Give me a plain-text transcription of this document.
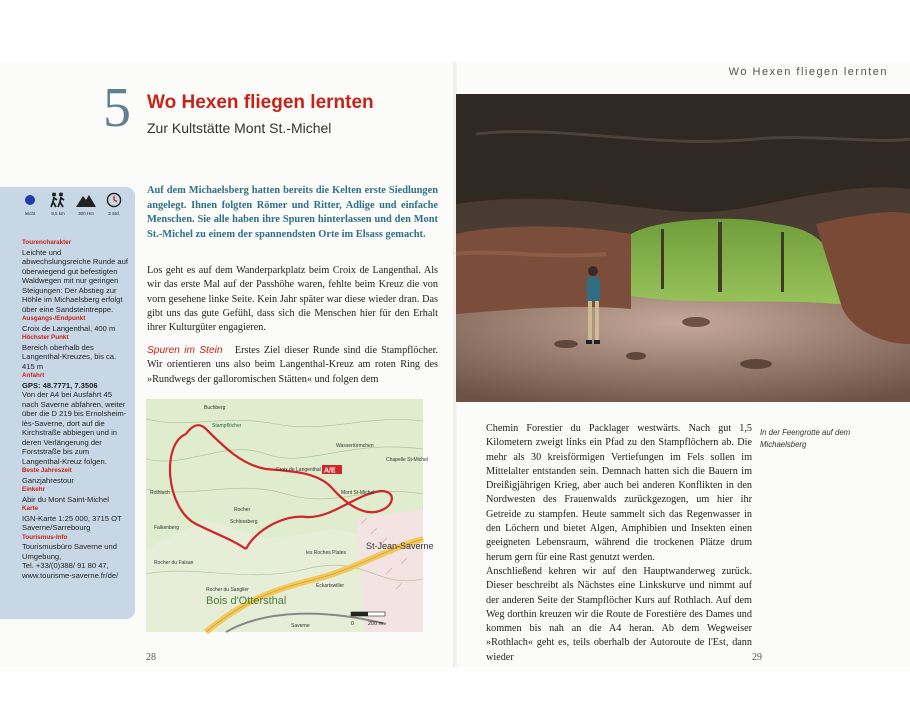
Wo Hexen fliegen lernten
5 Wo Hexen fliegen lernten
Zur Kultstätte Mont St.-Michel
leicht	9,5 km	300 Hm	3 Std.
Tourencharakter
Leichte und abwechslungsreiche Runde auf überwiegend gut befestigten Waldwegen mit nur geringen Steigungen: Der Abstieg zur Höhle im Michaelsberg erfolgt über eine Sandsteintreppe.
Ausgangs-/Endpunkt
Croix de Langenthal, 400 m
Höchster Punkt
Bereich oberhalb des Langenthal-Kreuzes, bis ca. 415 m
Anfahrt
GPS: 48.7771, 7.3506
Von der A4 bei Ausfahrt 45 nach Saverne abfahren, weiter über die D 219 bis Ernolsheim-lès-Saverne, dort auf die Kirchstraße abbiegen und in deren Verlängerung der Forststraße bis zum Langenthal-Kreuz folgen.
Beste Jahreszeit
Ganzjahrestour
Einkehr
Abir du Mont Saint-Michel
Karte
IGN-Karte 1:25 000, 3715 OT Saverne/Sarrebourg
Tourismus-Info
Tourismusbüro Saverne und Umgebung,
Tel. +33/(0)388/ 91 80 47,
www.tourisme-saverne.fr/de/

Auf dem Michaelsberg hatten bereits die Kelten erste Siedlungen angelegt. Ihnen folgten Römer und Ritter, Adlige und einfache Menschen. Sie alle haben ihre Spuren hinterlassen und den Mont St.-Michel zu einem der spannendsten Orte im Elsass gemacht.

Los geht es auf dem Wanderparkplatz beim Croix de Langenthal. Als wir das erste Mal auf der Passhöhe waren, fehlte beim Kreuz die von vorn gesehene linke Seite. Kein Jahr später war diese wieder dran. Das gibt uns das gute Gefühl, dass sich die Menschen hier für den Erhalt ihrer Kulturgüter engagieren.

Spuren im Stein Erstes Ziel dieser Runde sind die Stampflöcher. Wir orientieren uns also beim Langenthal-Kreuz am roten Ring des »Rundwegs der galloromischen Stätten« und folgen dem

Buchberg
Stampflöcher
Croix de Langenthal
Wassertürmchen
Chapelle St-Michel
Mont St-Michel
Rothlach
Rocher
Schlossberg
Falkenberg
Rocher du Faisan
Rocher du Sanglier
les Roches Plates
Eckartswiller
Saverne
A/E
St-Jean-Saverne
Bois d'Ottersthal
0	200 m
28
In der Feengrotte auf dem Michaelsberg
Chemin Forestier du Packlager westwärts. Nach gut 1,5 Kilometern zweigt links ein Pfad zu den Stampflöchern ab. Die mehr als 30 kreisförmigen Vertiefungen im Fels sollen im Mittelalter entstanden sein. Demnach hatten sich die Bauern im Dreißigjährigen Krieg, aber auch bei anderen Konflikten in den Nordwesten des Frauenwalds zurückgezogen, um hier ihr Getreide zu stampfen. Heute sammelt sich das Regenwasser in den Löchern und bietet Algen, Amphibien und Insekten einen geeigneten Lebensraum, während die trockenen Plätze drum herum gern für eine Rast genutzt werden.
Anschließend kehren wir auf den Hauptwanderweg zurück. Dieser beschreibt als Nächstes eine Linkskurve und nimmt auf der anderen Seite der Stampflöcher Kurs auf Rothlach. Auf dem Weg dorthin kreuzen wir die Route de Forestière des Dames und kommen bis nah an die A4 heran. Ab dem Wegweiser »Rothlach« geht es, teils oberhalb der Autoroute de l'Est, dann wieder	29
